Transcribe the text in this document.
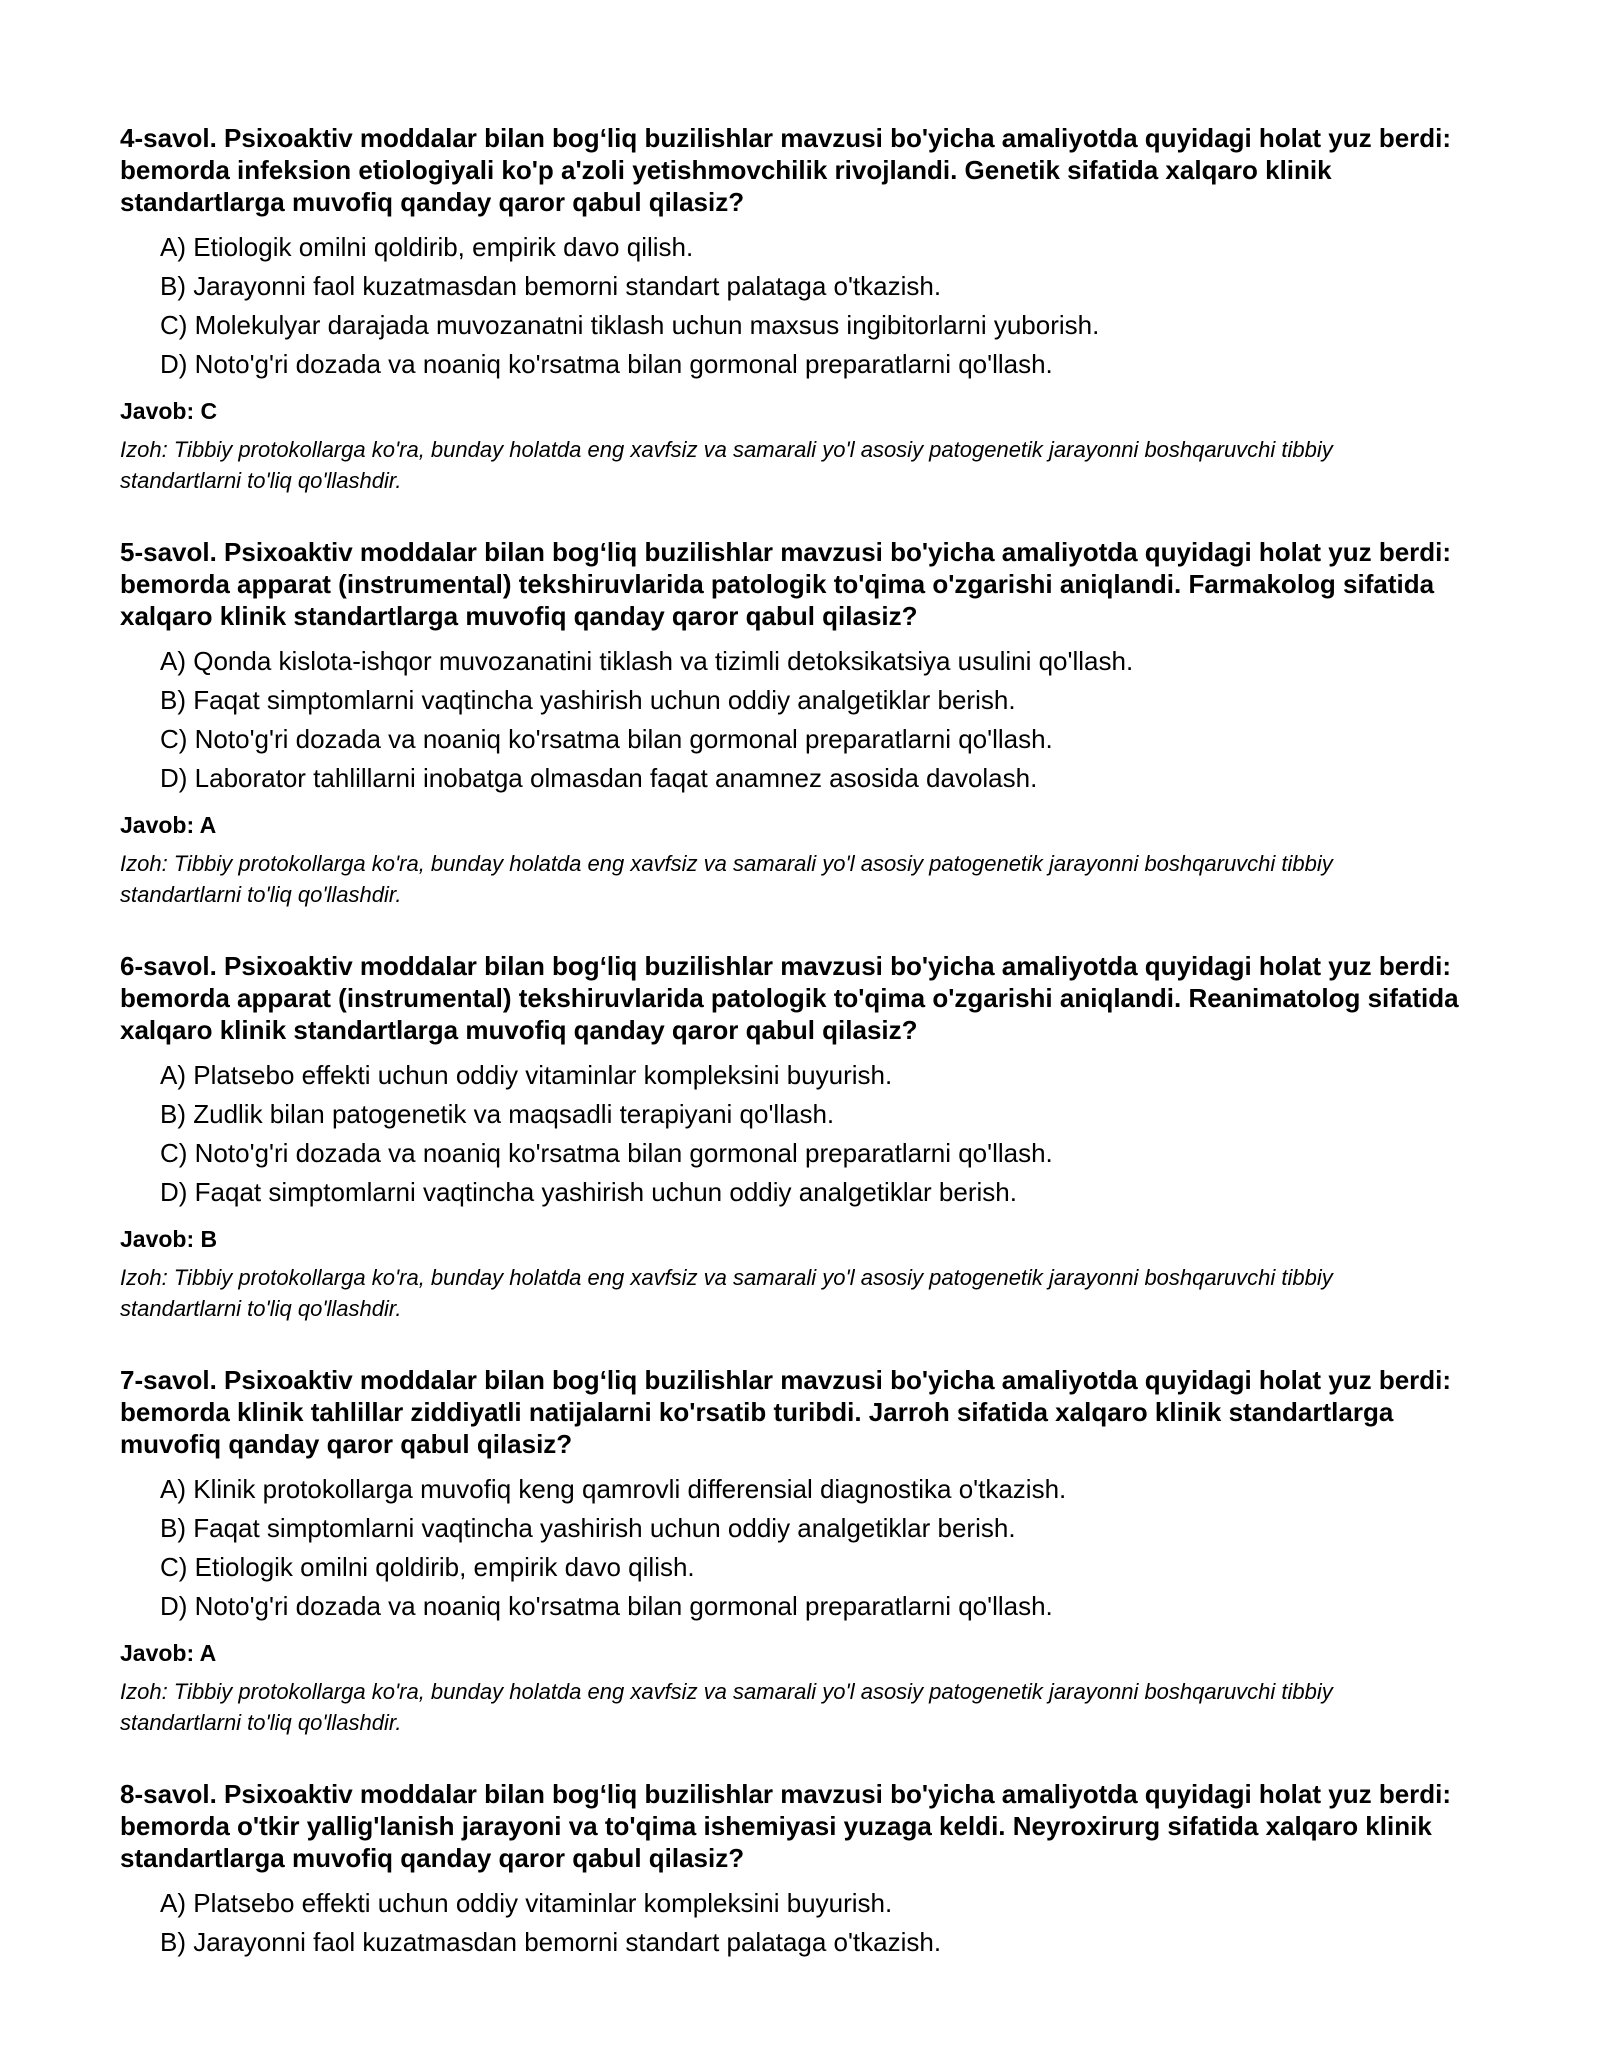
4-savol. Psixoaktiv moddalar bilan bog‘liq buzilishlar mavzusi bo'yicha amaliyotda quyidagi holat yuz berdi: bemorda infeksion etiologiyali ko'p a'zoli yetishmovchilik rivojlandi. Genetik sifatida xalqaro klinik standartlarga muvofiq qanday qaror qabul qilasiz?

A) Etiologik omilni qoldirib, empirik davo qilish.
B) Jarayonni faol kuzatmasdan bemorni standart palataga o'tkazish.
C) Molekulyar darajada muvozanatni tiklash uchun maxsus ingibitorlarni yuborish.
D) Noto'g'ri dozada va noaniq ko'rsatma bilan gormonal preparatlarni qo'llash.

Javob: C

Izoh: Tibbiy protokollarga ko'ra, bunday holatda eng xavfsiz va samarali yo'l asosiy patogenetik jarayonni boshqaruvchi tibbiy standartlarni to'liq qo'llashdir.

5-savol. Psixoaktiv moddalar bilan bog‘liq buzilishlar mavzusi bo'yicha amaliyotda quyidagi holat yuz berdi: bemorda apparat (instrumental) tekshiruvlarida patologik to'qima o'zgarishi aniqlandi. Farmakolog sifatida xalqaro klinik standartlarga muvofiq qanday qaror qabul qilasiz?

A) Qonda kislota-ishqor muvozanatini tiklash va tizimli detoksikatsiya usulini qo'llash.
B) Faqat simptomlarni vaqtincha yashirish uchun oddiy analgetiklar berish.
C) Noto'g'ri dozada va noaniq ko'rsatma bilan gormonal preparatlarni qo'llash.
D) Laborator tahlillarni inobatga olmasdan faqat anamnez asosida davolash.

Javob: A

Izoh: Tibbiy protokollarga ko'ra, bunday holatda eng xavfsiz va samarali yo'l asosiy patogenetik jarayonni boshqaruvchi tibbiy standartlarni to'liq qo'llashdir.

6-savol. Psixoaktiv moddalar bilan bog‘liq buzilishlar mavzusi bo'yicha amaliyotda quyidagi holat yuz berdi: bemorda apparat (instrumental) tekshiruvlarida patologik to'qima o'zgarishi aniqlandi. Reanimatolog sifatida xalqaro klinik standartlarga muvofiq qanday qaror qabul qilasiz?

A) Platsebo effekti uchun oddiy vitaminlar kompleksini buyurish.
B) Zudlik bilan patogenetik va maqsadli terapiyani qo'llash.
C) Noto'g'ri dozada va noaniq ko'rsatma bilan gormonal preparatlarni qo'llash.
D) Faqat simptomlarni vaqtincha yashirish uchun oddiy analgetiklar berish.

Javob: B

Izoh: Tibbiy protokollarga ko'ra, bunday holatda eng xavfsiz va samarali yo'l asosiy patogenetik jarayonni boshqaruvchi tibbiy standartlarni to'liq qo'llashdir.

7-savol. Psixoaktiv moddalar bilan bog‘liq buzilishlar mavzusi bo'yicha amaliyotda quyidagi holat yuz berdi: bemorda klinik tahlillar ziddiyatli natijalarni ko'rsatib turibdi. Jarroh sifatida xalqaro klinik standartlarga muvofiq qanday qaror qabul qilasiz?

A) Klinik protokollarga muvofiq keng qamrovli differensial diagnostika o'tkazish.
B) Faqat simptomlarni vaqtincha yashirish uchun oddiy analgetiklar berish.
C) Etiologik omilni qoldirib, empirik davo qilish.
D) Noto'g'ri dozada va noaniq ko'rsatma bilan gormonal preparatlarni qo'llash.

Javob: A

Izoh: Tibbiy protokollarga ko'ra, bunday holatda eng xavfsiz va samarali yo'l asosiy patogenetik jarayonni boshqaruvchi tibbiy standartlarni to'liq qo'llashdir.

8-savol. Psixoaktiv moddalar bilan bog‘liq buzilishlar mavzusi bo'yicha amaliyotda quyidagi holat yuz berdi: bemorda o'tkir yallig'lanish jarayoni va to'qima ishemiyasi yuzaga keldi. Neyroxirurg sifatida xalqaro klinik standartlarga muvofiq qanday qaror qabul qilasiz?

A) Platsebo effekti uchun oddiy vitaminlar kompleksini buyurish.
B) Jarayonni faol kuzatmasdan bemorni standart palataga o'tkazish.
